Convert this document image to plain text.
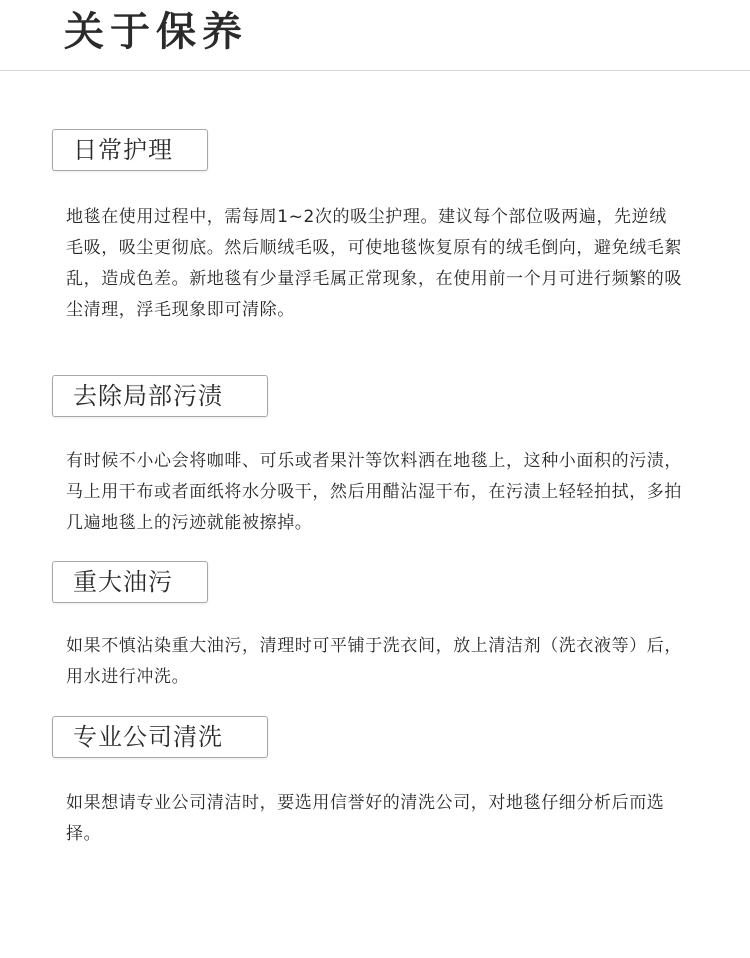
关于保养
日常护理

地毯在使用过程中，需每周1~2次的吸尘护理。建议每个部位吸两遍，先逆绒毛吸，吸尘更彻底。然后顺绒毛吸，可使地毯恢复原有的绒毛倒向，避免绒毛絮乱，造成色差。新地毯有少量浮毛属正常现象，在使用前一个月可进行频繁的吸尘清理，浮毛现象即可清除。

去除局部污渍

有时候不小心会将咖啡、可乐或者果汁等饮料洒在地毯上，这种小面积的污渍，马上用干布或者面纸将水分吸干，然后用醋沾湿干布，在污渍上轻轻拍拭，多拍几遍地毯上的污迹就能被擦掉。

重大油污

如果不慎沾染重大油污，清理时可平铺于洗衣间，放上清洁剂（洗衣液等）后，用水进行冲洗。

专业公司清洗

如果想请专业公司清洁时，要选用信誉好的清洗公司，对地毯仔细分析后而选择。
